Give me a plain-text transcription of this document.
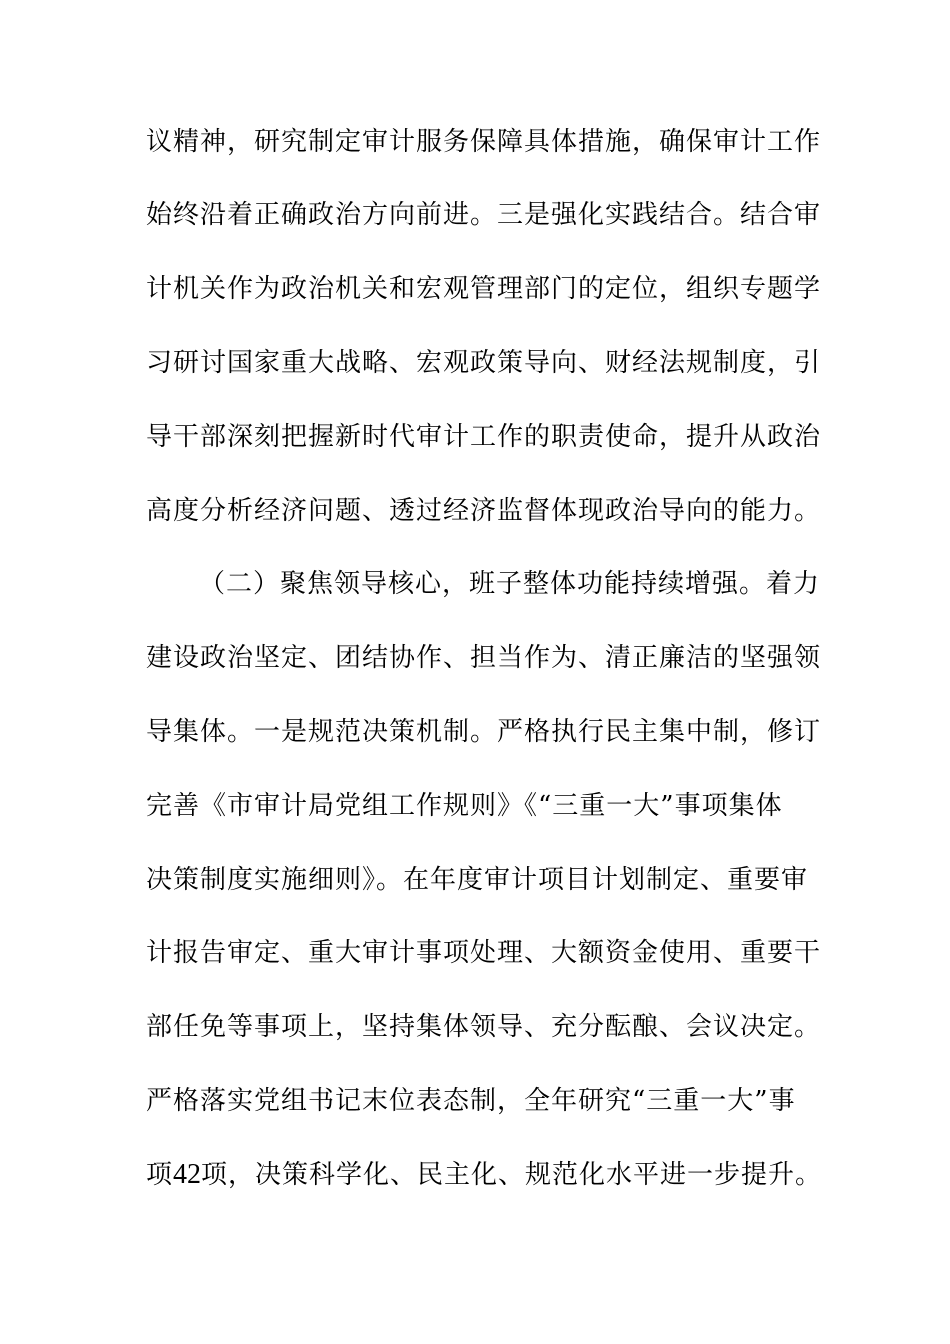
议精神，研究制定审计服务保障具体措施，确保审计工作
始终沿着正确政治方向前进。三是强化实践结合。结合审
计机关作为政治机关和宏观管理部门的定位，组织专题学
习研讨国家重大战略、宏观政策导向、财经法规制度，引
导干部深刻把握新时代审计工作的职责使命，提升从政治
高度分析经济问题、透过经济监督体现政治导向的能力。
（二）聚焦领导核心，班子整体功能持续增强。着力
建设政治坚定、团结协作、担当作为、清正廉洁的坚强领
导集体。一是规范决策机制。严格执行民主集中制，修订
完善《市审计局党组工作规则》《“三重一大”事项集体
决策制度实施细则》。在年度审计项目计划制定、重要审
计报告审定、重大审计事项处理、大额资金使用、重要干
部任免等事项上，坚持集体领导、充分酝酿、会议决定。
严格落实党组书记末位表态制，全年研究“三重一大”事
项42项，决策科学化、民主化、规范化水平进一步提升。
